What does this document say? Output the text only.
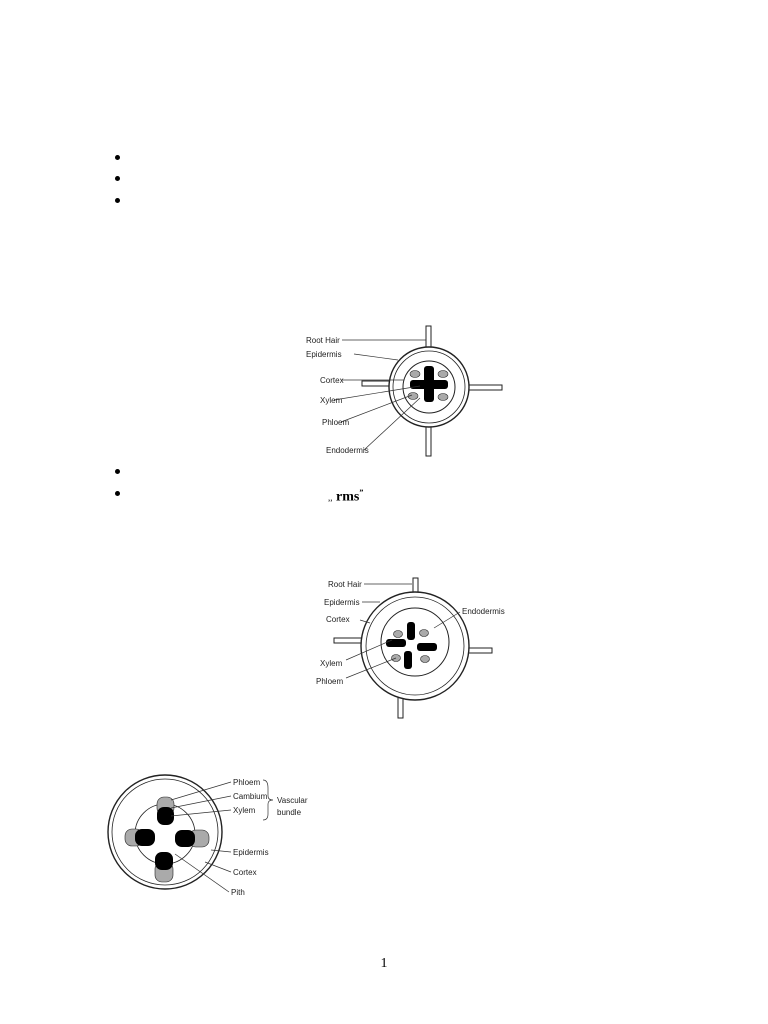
Root Hair
Epidermis
Cortex
Xylem
Phloem
Endodermis
,, rms”
Root Hair
Epidermis
Cortex
Endodermis
Xylem
Phloem
Phloem
Cambium
Xylem
Vascular
bundle
Epidermis
Cortex
Pith
1
